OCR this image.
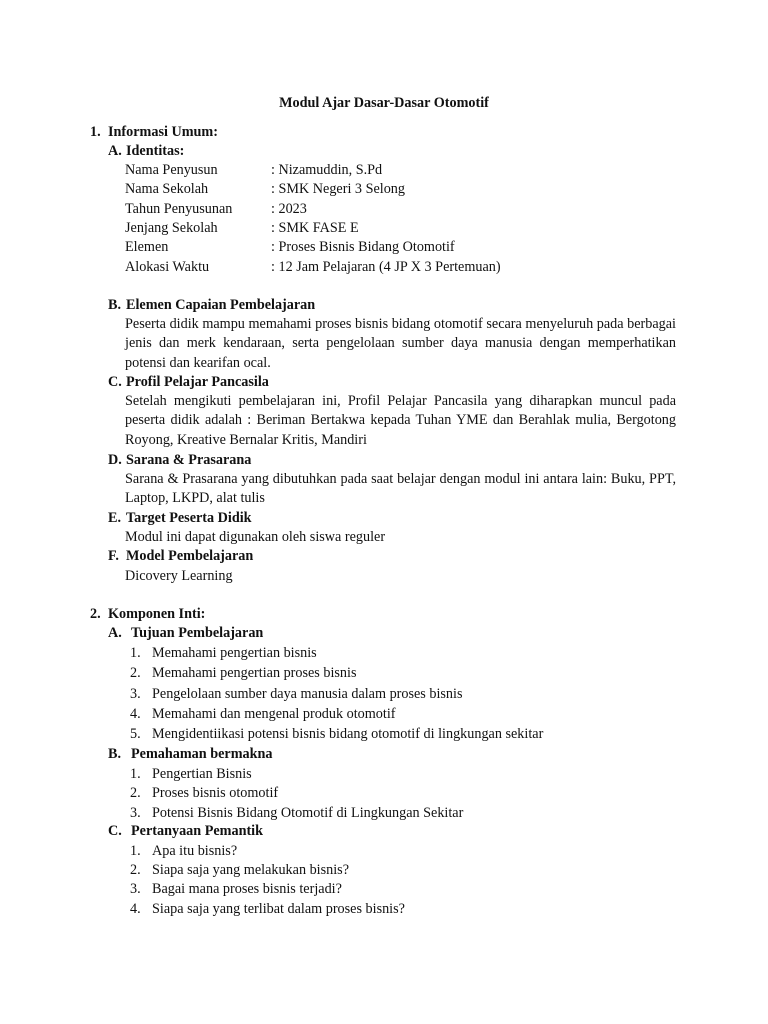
Modul Ajar Dasar-Dasar Otomotif
1. Informasi Umum:
A. Identitas:
Nama Penyusun	: Nizamuddin, S.Pd
Nama Sekolah	: SMK Negeri 3 Selong
Tahun Penyusunan	: 2023
Jenjang Sekolah	: SMK FASE E
Elemen	: Proses Bisnis Bidang Otomotif
Alokasi Waktu	: 12 Jam Pelajaran (4 JP X 3 Pertemuan)
B. Elemen Capaian Pembelajaran
Peserta didik mampu memahami proses bisnis bidang otomotif secara menyeluruh pada berbagai jenis dan merk kendaraan, serta pengelolaan sumber daya manusia dengan memperhatikan potensi dan kearifan ocal.
C. Profil Pelajar Pancasila
Setelah mengikuti pembelajaran ini, Profil Pelajar Pancasila yang diharapkan muncul pada peserta didik adalah : Beriman Bertakwa kepada Tuhan YME dan Berahlak mulia, Bergotong Royong, Kreative Bernalar Kritis, Mandiri
D. Sarana & Prasarana
Sarana & Prasarana yang dibutuhkan pada saat belajar dengan modul ini antara lain: Buku, PPT, Laptop, LKPD, alat tulis
E. Target Peserta Didik
Modul ini dapat digunakan oleh siswa reguler
F. Model Pembelajaran
Dicovery Learning
2. Komponen Inti:
A. Tujuan Pembelajaran
1. Memahami pengertian bisnis
2. Memahami pengertian proses bisnis
3. Pengelolaan sumber daya manusia dalam proses bisnis
4. Memahami dan mengenal produk otomotif
5. Mengidentiikasi potensi bisnis bidang otomotif di lingkungan sekitar
B. Pemahaman bermakna
1. Pengertian Bisnis
2. Proses bisnis otomotif
3. Potensi Bisnis Bidang Otomotif di Lingkungan Sekitar
C. Pertanyaan Pemantik
1. Apa itu bisnis?
2. Siapa saja yang melakukan bisnis?
3. Bagai mana proses bisnis terjadi?
4. Siapa saja yang terlibat dalam proses bisnis?
